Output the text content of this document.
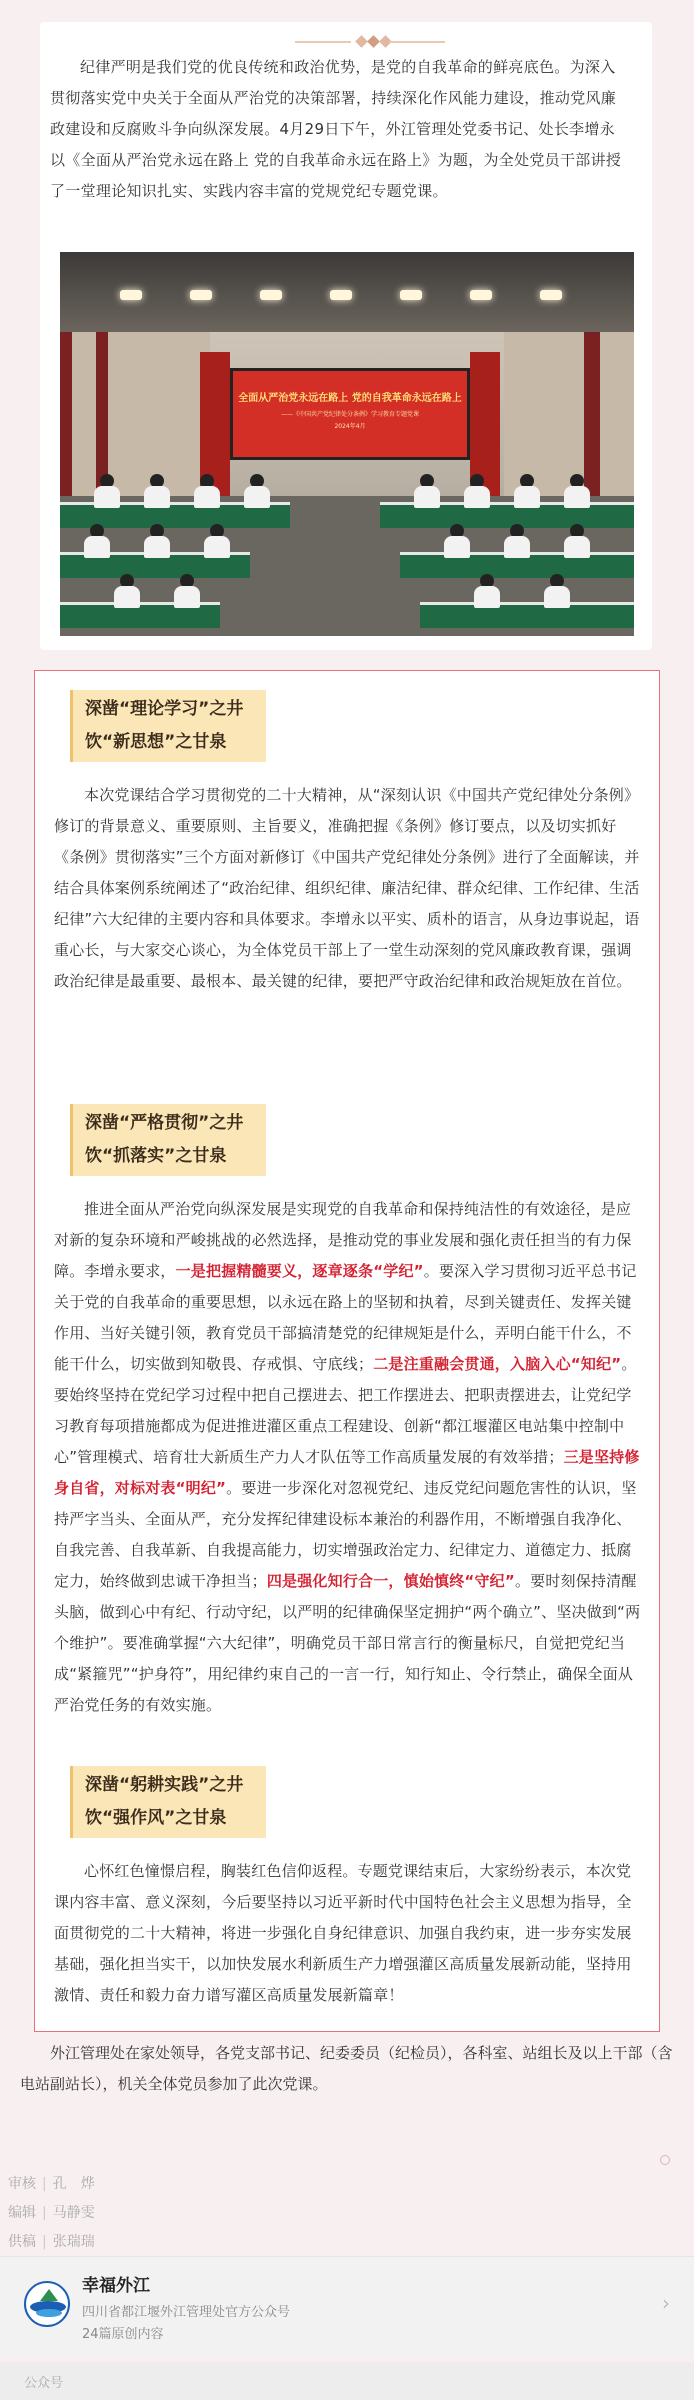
纪律严明是我们党的优良传统和政治优势，是党的自我革命的鲜亮底色。为深入贯彻落实党中央关于全面从严治党的决策部署，持续深化作风能力建设，推动党风廉政建设和反腐败斗争向纵深发展。4月29日下午，外江管理处党委书记、处长李增永以《全面从严治党永远在路上 党的自我革命永远在路上》为题，为全处党员干部讲授了一堂理论知识扎实、实践内容丰富的党规党纪专题党课。

全面从严治党永远在路上 党的自我革命永远在路上
——《中国共产党纪律处分条例》学习教育专题党课
2024年4月
深凿“理论学习”之井
饮“新思想”之甘泉

本次党课结合学习贯彻党的二十大精神，从“深刻认识《中国共产党纪律处分条例》修订的背景意义、重要原则、主旨要义，准确把握《条例》修订要点，以及切实抓好《条例》贯彻落实”三个方面对新修订《中国共产党纪律处分条例》进行了全面解读，并结合具体案例系统阐述了“政治纪律、组织纪律、廉洁纪律、群众纪律、工作纪律、生活纪律”六大纪律的主要内容和具体要求。李增永以平实、质朴的语言，从身边事说起，语重心长，与大家交心谈心，为全体党员干部上了一堂生动深刻的党风廉政教育课，强调政治纪律是最重要、最根本、最关键的纪律，要把严守政治纪律和政治规矩放在首位。

深凿“严格贯彻”之井
饮“抓落实”之甘泉

推进全面从严治党向纵深发展是实现党的自我革命和保持纯洁性的有效途径，是应对新的复杂环境和严峻挑战的必然选择，是推动党的事业发展和强化责任担当的有力保障。李增永要求，一是把握精髓要义，逐章逐条“学纪”。要深入学习贯彻习近平总书记关于党的自我革命的重要思想，以永远在路上的坚韧和执着，尽到关键责任、发挥关键作用、当好关键引领，教育党员干部搞清楚党的纪律规矩是什么，弄明白能干什么，不能干什么，切实做到知敬畏、存戒惧、守底线；二是注重融会贯通，入脑入心“知纪”。要始终坚持在党纪学习过程中把自己摆进去、把工作摆进去、把职责摆进去，让党纪学习教育每项措施都成为促进推进灌区重点工程建设、创新“都江堰灌区电站集中控制中心”管理模式、培育壮大新质生产力人才队伍等工作高质量发展的有效举措；三是坚持修身自省，对标对表“明纪”。要进一步深化对忽视党纪、违反党纪问题危害性的认识，坚持严字当头、全面从严，充分发挥纪律建设标本兼治的利器作用，不断增强自我净化、自我完善、自我革新、自我提高能力，切实增强政治定力、纪律定力、道德定力、抵腐定力，始终做到忠诚干净担当；四是强化知行合一，慎始慎终“守纪”。要时刻保持清醒头脑，做到心中有纪、行动守纪，以严明的纪律确保坚定拥护“两个确立”、坚决做到“两个维护”。要准确掌握“六大纪律”，明确党员干部日常言行的衡量标尺，自觉把党纪当成“紧箍咒”“护身符”，用纪律约束自己的一言一行，知行知止、令行禁止，确保全面从严治党任务的有效实施。

深凿“躬耕实践”之井
饮“强作风”之甘泉

心怀红色憧憬启程，胸装红色信仰返程。专题党课结束后，大家纷纷表示，本次党课内容丰富、意义深刻，今后要坚持以习近平新时代中国特色社会主义思想为指导，全面贯彻党的二十大精神，将进一步强化自身纪律意识、加强自我约束，进一步夯实发展基础，强化担当实干，以加快发展水利新质生产力增强灌区高质量发展新动能，坚持用激情、责任和毅力奋力谱写灌区高质量发展新篇章！

外江管理处在家处领导，各党支部书记、纪委委员（纪检员），各科室、站组长及以上干部（含电站副站长），机关全体党员参加了此次党课。

审核 | 孔　烨
编辑 | 马静雯
供稿 | 张瑞瑞
幸福外江
四川省都江堰外江管理处官方公众号
24篇原创内容
›
公众号
